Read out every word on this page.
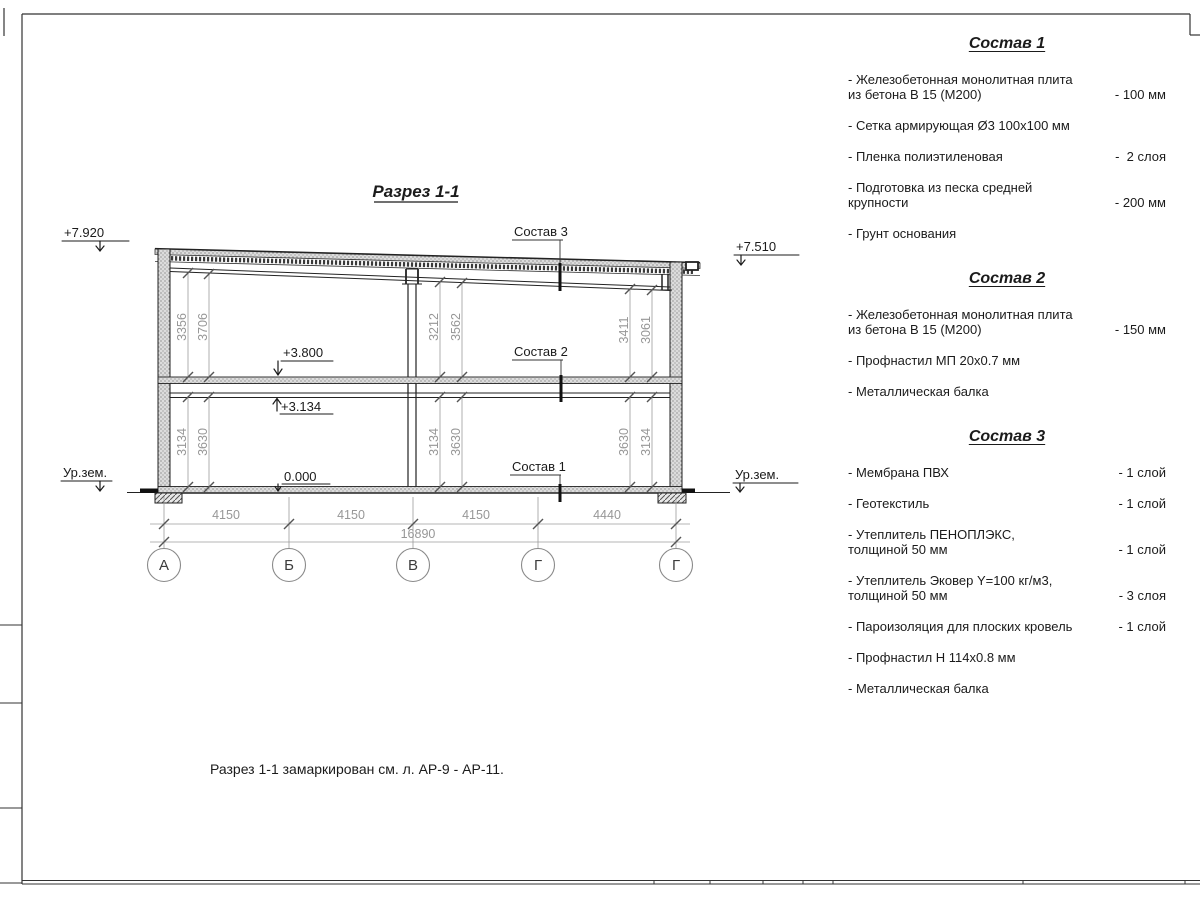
Разрез 1-1
3356 3706	3212 3562	3411 3061
3134 3630	3134 3630	3630 3134
4150	4150	4150	4440
16890
А	Б	В	Г	Г
+7.920
+7.510
+3.800
+3.134
0.000
Ур.зем.	Ур.зем.
Состав 3
Состав 2
Состав 1
Состав 1
- Железобетонная монолитная плита
из бетона В 15 (М200)	- 100 мм
- Сетка армирующая Ø3 100х100 мм
- Пленка полиэтиленовая	-  2 слоя
- Подготовка из песка средней
крупности	- 200 мм
- Грунт основания
Состав 2
- Железобетонная монолитная плита
из бетона В 15 (М200)	- 150 мм
- Профнастил МП 20х0.7 мм
- Металлическая балка
Состав 3
- Мембрана ПВХ	- 1 слой
- Геотекстиль	- 1 слой
- Утеплитель ПЕНОПЛЭКС,
толщиной 50 мм	- 1 слой
- Утеплитель Эковер Y=100 кг/м3,
толщиной 50 мм	- 3 слоя
- Пароизоляция для плоских кровель	- 1 слой
- Профнастил Н 114х0.8 мм
- Металлическая балка
Разрез 1-1 замаркирован см. л. АР-9 - АР-11.
